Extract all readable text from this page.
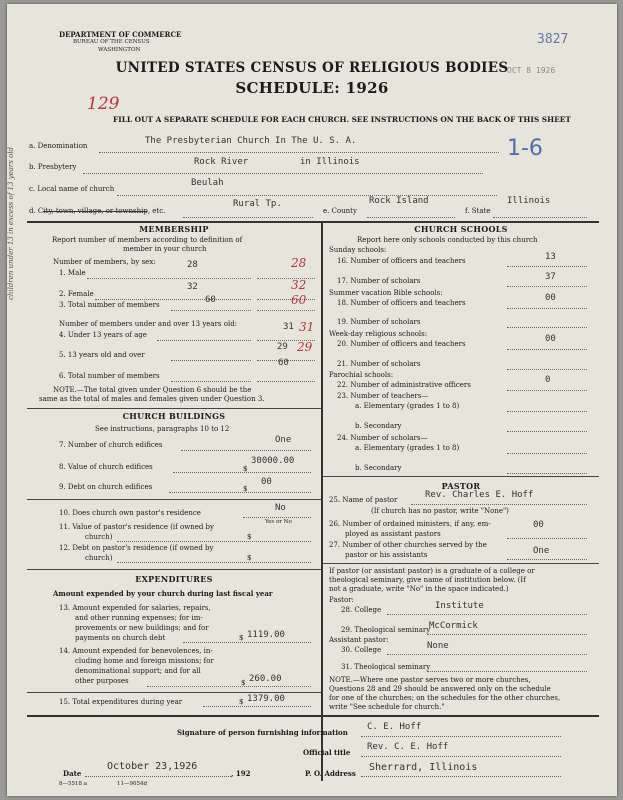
DEPARTMENT OF COMMERCE
BUREAU OF THE CENSUS
WASHINGTON
3827
OCT 8 1926
UNITED STATES CENSUS OF RELIGIOUS BODIES
SCHEDULE: 1926
129
FILL OUT A SEPARATE SCHEDULE FOR EACH CHURCH. SEE INSTRUCTIONS ON THE BACK OF THIS SHEET
a. Denomination	The Presbyterian Church In The U. S. A.	1-6
b. Presbytery	Rock River	in Illinois
c. Local name of church
Beulah
d. City, town, village, or township, etc.
Rural Tp.
e. County
Rock Island
f. State
Illinois
children under 13 in excess of 13 years old	MEMBERSHIP
Report number of members according to definition of
member in your church
Number of members, by sex:
1. Male
28	28
2. Female
32	32
3. Total number of members	60	60
Number of members under and over 13 years old:
4. Under 13 years of age
31 31
5. 13 years old and over
29 29
6. Total number of members
60
NOTE.—The total given under Question 6 should be the
same as the total of males and females given under Question 3.
CHURCH BUILDINGS
See instructions, paragraphs 10 to 12
7. Number of church edifices	One
8. Value of church edifices	$
30000.00
9. Debt on church edifices	$
00
10. Does church own pastor's residence	No
Yes or No
11. Value of pastor's residence (if owned by
church)	$
12. Debt on pastor's residence (if owned by
church)	$
EXPENDITURES
Amount expended by your church during last fiscal year
13. Amount expended for salaries, repairs,
and other running expenses; for im-
provements or new buildings; and for
payments on church debt	$ 1119.00
14. Amount expended for benevolences, in-
cluding home and foreign missions; for
denominational support; and for all
other purposes	$ 260.00
15. Total expenditures during year	$ 1379.00
CHURCH SCHOOLS
Report here only schools conducted by this church
Sunday schools:
16. Number of officers and teachers	13
17. Number of scholars	37
Summer vacation Bible schools:
18. Number of officers and teachers	00
19. Number of scholars
Week-day religious schools:
20. Number of officers and teachers	00
21. Number of scholars
Parochial schools:
22. Number of administrative officers	0
23. Number of teachers—
a. Elementary (grades 1 to 8)
b. Secondary
24. Number of scholars—
a. Elementary (grades 1 to 8)
b. Secondary
PASTOR
25. Name of pastor	Rev. Charles E. Hoff
(If church has no pastor, write "None")
26. Number of ordained ministers, if any, em-
ployed as assistant pastors
00
27. Number of other churches served by the
pastor or his assistants	One
If pastor (or assistant pastor) is a graduate of a college or
theological seminary, give name of institution below. (If
not a graduate, write "No" in the space indicated.)
Pastor:
28. College	Institute
29. Theological seminary
McCormick
Assistant pastor:
30. College	None
31. Theological seminary
NOTE.—Where one pastor serves two or more churches,
Questions 28 and 29 should be answered only on the schedule
for one of the churches; on the schedules for the other churches,
write "See schedule for church."
Signature of person furnishing information
C. E. Hoff
Official title
Rev. C. E. Hoff
Date
October 23,1926
, 192	P. O. Address
Sherrard, Illinois
8—5518 a	11—9054d
